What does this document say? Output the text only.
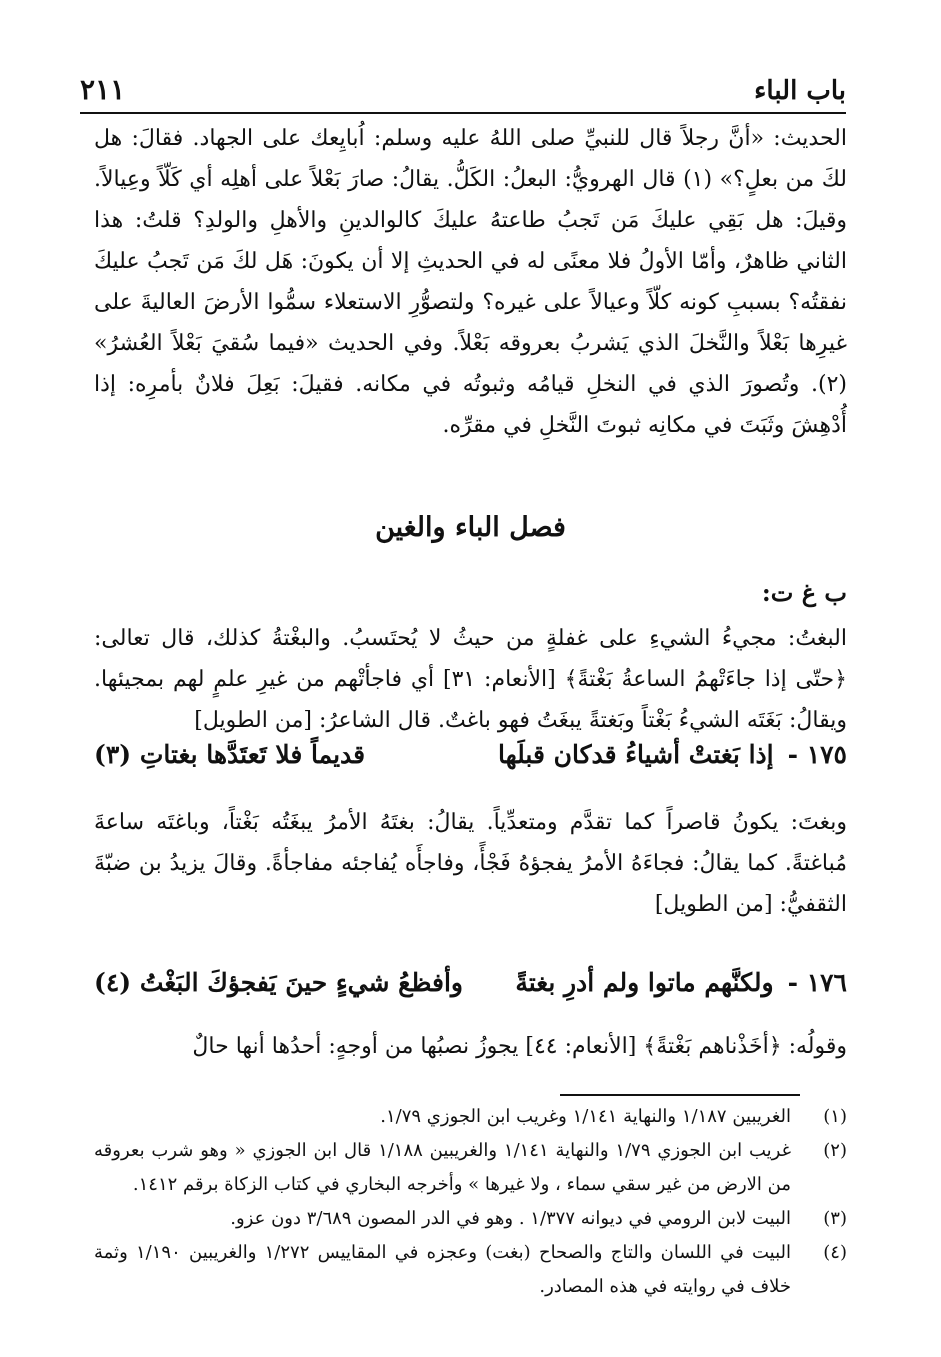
باب الباء
٢١١

الحديث: «أنَّ رجلاً قال للنبيِّ صلى اللهُ عليه وسلم: اُبايِعك على الجهاد. فقالَ: هل لكَ من بعلٍ؟» (١) قال الهرويُّ: البعلُ: الكَلُّ. يقالُ: صارَ بَعْلاً على أهلِه أي كَلّاً وعِيالاً. وقيلَ: هل بَقِي عليكَ مَن تَجبُ طاعتهُ عليكَ كالوالدينِ والأهلِ والولدِ؟ قلتُ: هذا الثاني ظاهرٌ، وأمّا الأولُ فلا معنًى له في الحديثِ إلا أن يكونَ: هَل لكَ مَن تَجبُ عليكَ نفقتُه؟ بسببِ كونه كلّاً وعيالاً على غيره؟ ولتصوُّرِ الاستعلاء سمُّوا الأرضَ العاليةَ على غيرِها بَعْلاً والنَّخلَ الذي يَشربُ بعروقه بَعْلاً. وفي الحديث «فيما سُقيَ بَعْلاً العُشرُ» (٢). وتُصورَ الذي في النخلِ قيامُه وثبوتُه في مكانه. فقيلَ: بَعِلَ فلانٌ بأمرِه: إذا أُدْهِشَ وثَبَتَ في مكانِه ثبوتَ النَّخلِ في مقرِّه.

فصل الباء والغين
ب غ ت:

البغتُ: مجيءُ الشيءِ على غفلةٍ من حيثُ لا يُحتَسبُ. والبغْتةُ كذلك، قال تعالى: ﴿حتّى إذا جاءَتْهمُ الساعةُ بَغْتةً﴾ [الأنعام: ٣١] أي فاجأتْهم من غيرِ علمٍ لهم بمجيئها. ويقالُ: بَغَتَه الشيءُ بَغْتاً وبَغتةً يبغَتُ فهو باغتٌ. قال الشاعرُ: [من الطويل]

١٧٥ -إذا بَغتتْ أشياءُ قدكان قبلَها
قديماً فلا تَعتَدَّها بغتاتِ (٣)

وبغتَ: يكونُ قاصراً كما تقدَّم ومتعدِّياً. يقالُ: بغتَهُ الأمرُ يبغَتُه بَغْتاً، وباغتَه ساعةَ مُباغتةً. كما يقالُ: فجاءَهُ الأمرُ يفجؤهُ فَجْأً، وفاجأَه يُفاجئه مفاجأةً. وقالَ يزيدُ بن ضبّةَ الثقفيُّ: [من الطويل]

١٧٦ -ولكنَّهم ماتوا ولم أدرِ بغتةً
وأفظعُ شيءٍ حينَ يَفجؤكَ البَغْتُ (٤)

وقولُه: ﴿أخَذْناهم بَغْتةً﴾ [الأنعام: ٤٤] يجوزُ نصبُها من أوجهٍ: أحدُها أنها حالٌ

(١)
الغريبين ١/١٨٧ والنهاية ١/١٤١ وغريب ابن الجوزي ١/٧٩.
(٢)
غريب ابن الجوزي ١/٧٩ والنهاية ١/١٤١ والغريبين ١/١٨٨ قال ابن الجوزي « وهو شرب بعروقه من الارض من غير سقي سماء ، ولا غيرها » وأخرجه البخاري في كتاب الزكاة برقم ١٤١٢.
(٣)
البيت لابن الرومي في ديوانه ١/٣٧٧ . وهو في الدر المصون ٣/٦٨٩ دون عزو.
(٤)
البيت في اللسان والتاج والصحاح (بغت) وعجزه في المقاييس ١/٢٧٢ والغريبين ١/١٩٠ وثمة خلاف في روايته في هذه المصادر.
